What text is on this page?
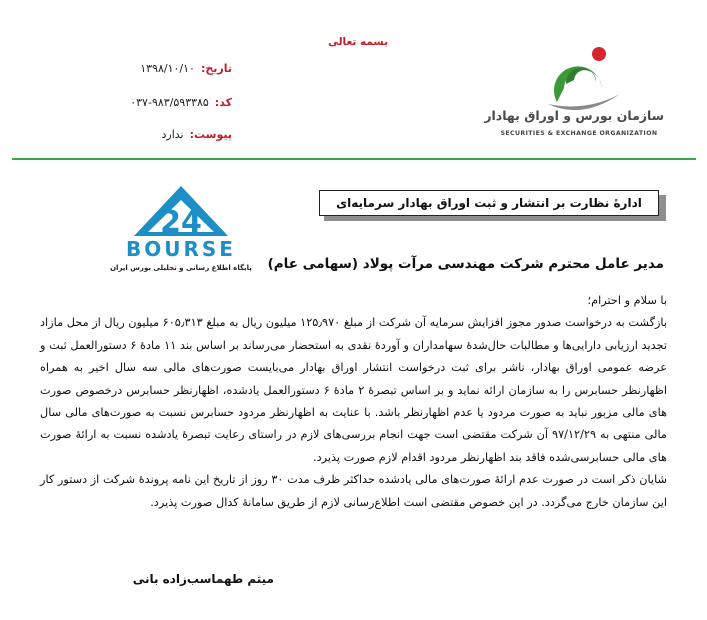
بسمه تعالی
تاریخ:۱۳۹۸/۱۰/۱۰
کد:۹۸۳/۵۹۳۳۸۵-۰۳۷
پیوست:ندارد
سازمان بورس و اوراق بهادار
SECURITIES & EXCHANGE ORGANIZATION
ادارهٔ نظارت بر انتشار و ثبت اوراق بهادار سرمایه‌ای
24
BOURSE
پایگاه اطلاع رسانی و تحلیلی بورس ایران	مدیر عامل محترم شرکت مهندسی مرآت پولاد (سهامی عام)

با سلام و احترام؛

بازگشت به درخواست صدور مجوز افزایش سرمایه آن شرکت از مبلغ ۱۲۵٫۹۷۰ میلیون ریال به مبلغ ۶۰۵٫۳۱۳ میلیون ریال از محل مازاد تجدید ارزیابی دارایی‌ها و مطالبات حال‌شدهٔ سهامداران و آوردهٔ نقدی به استحضار می‌رساند بر اساس بند ۱۱ مادهٔ ۶ دستورالعمل ثبت و عرضه عمومی اوراق بهادار، ناشر برای ثبت درخواست انتشار اوراق بهادار می‌بایست صورت‌های مالی سه سال اخیر به همراه اظهارنظر حسابرس را به سازمان ارائه نماید و بر اساس تبصرهٔ ۲ مادهٔ ۶ دستورالعمل یادشده، اظهارنظر حسابرس درخصوص صورت های مالی مزبور نباید به صورت مردود یا عدم اظهارنظر باشد. با عنایت به اظهارنظر مردود حسابرس نسبت به صورت‌های مالی سال مالی منتهی به ۹۷/۱۲/۲۹ آن شرکت مقتضی است جهت انجام بررسی‌های لازم در راستای رعایت تبصرهٔ یادشده نسبت به ارائهٔ صورت های مالی حسابرسی‌شده فاقد بند اظهارنظر مردود اقدام لازم صورت پذیرد.

شایان ذکر است در صورت عدم ارائهٔ صورت‌های مالی یادشده حداکثر ظرف مدت ۳۰ روز از تاریخ این نامه پروندهٔ شرکت از دستور کار این سازمان خارج می‌گردد. در این خصوص مقتضی است اطلاع‌رسانی لازم از طریق سامانهٔ کدال صورت پذیرد.

میثم طهماسب‌زاده بانی
